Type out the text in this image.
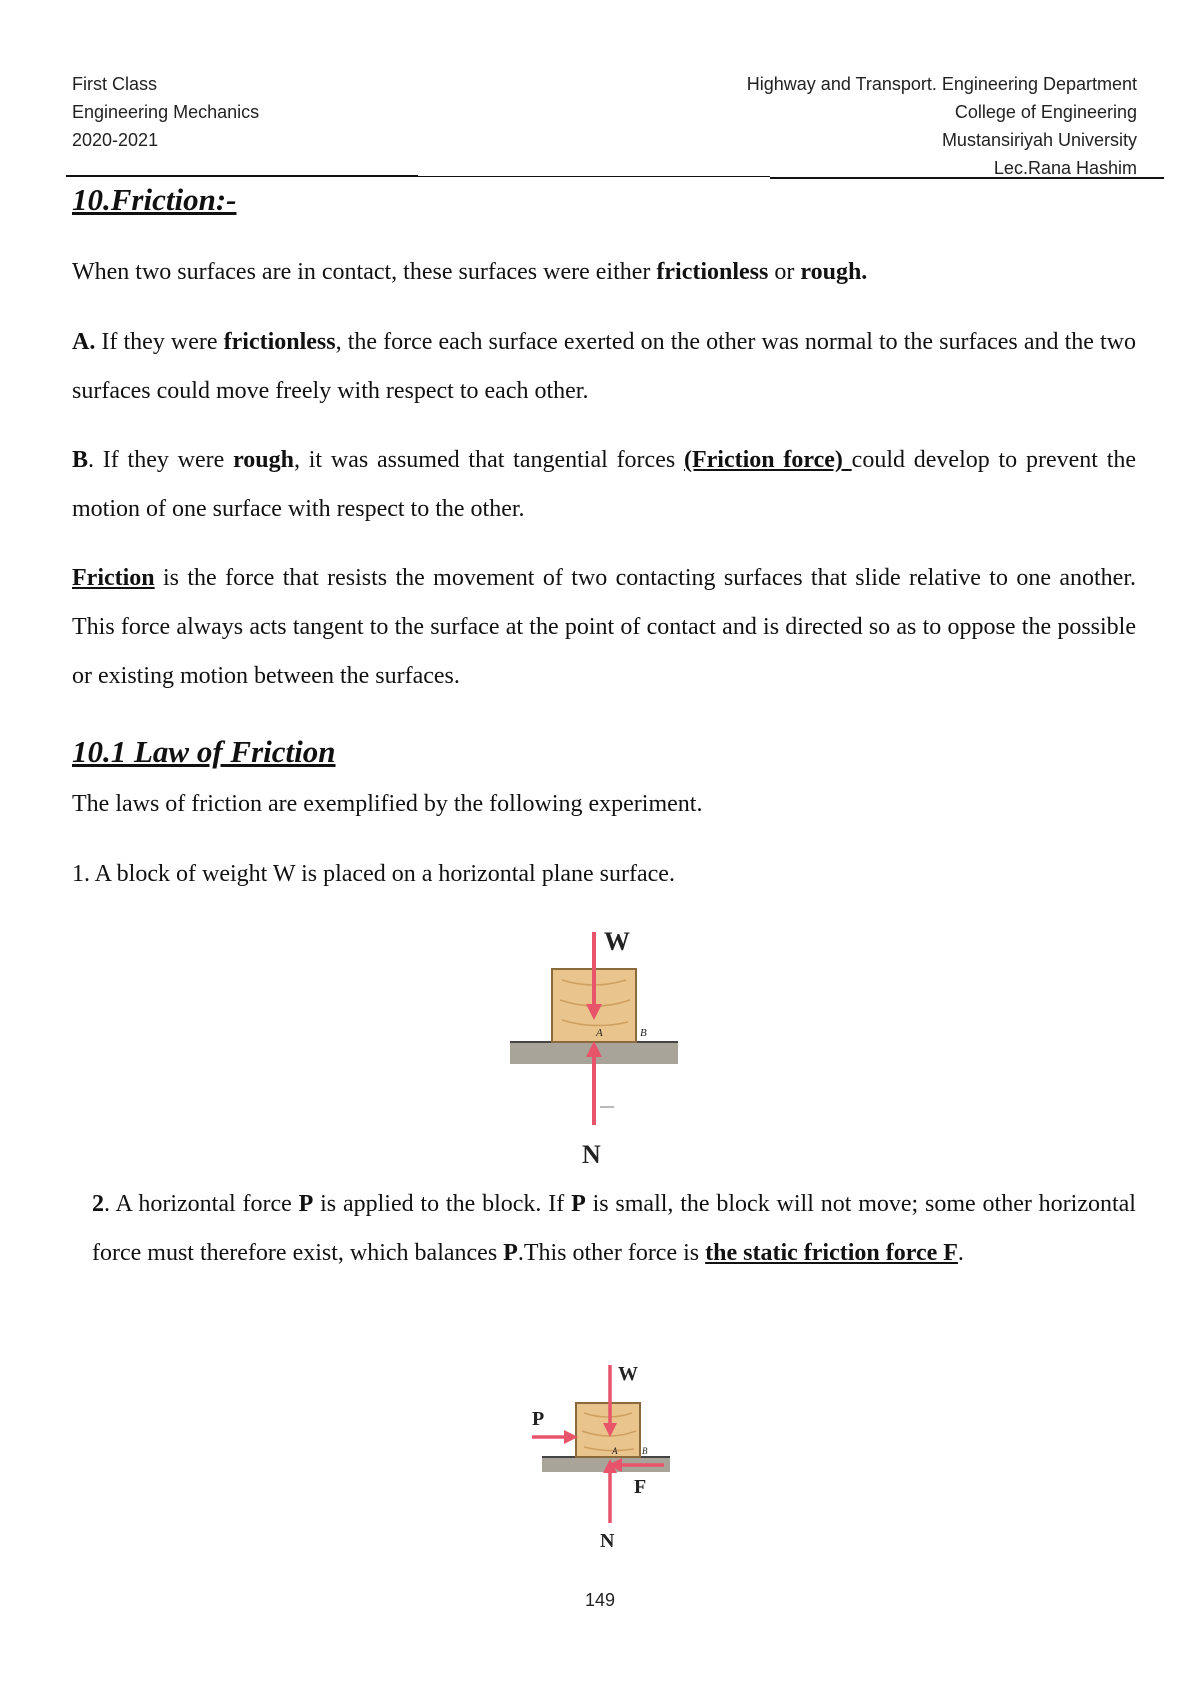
First Class
Engineering Mechanics
2020-2021
Highway and Transport. Engineering Department
College of Engineering
Mustansiriyah University
Lec.Rana Hashim
10.Friction:-

When two surfaces are in contact, these surfaces were either frictionless or rough.

A. If they were frictionless, the force each surface exerted on the other was normal to the surfaces and the two surfaces could move freely with respect to each other.

B. If they were rough, it was assumed that tangential forces (Friction force) could develop to prevent the motion of one surface with respect to the other.

Friction is the force that resists the movement of two contacting surfaces that slide relative to one another. This force always acts tangent to the surface at the point of contact and is directed so as to oppose the possible or existing motion between the surfaces.

10.1 Law of Friction

The laws of friction are exemplified by the following experiment.

1. A block of weight W is placed on a horizontal plane surface.

W
N
A	B

2. A horizontal force P is applied to the block. If P is small, the block will not move; some other horizontal force must therefore exist, which balances P.This other force is the static friction force F.

W
P
F
N
A	B
149
